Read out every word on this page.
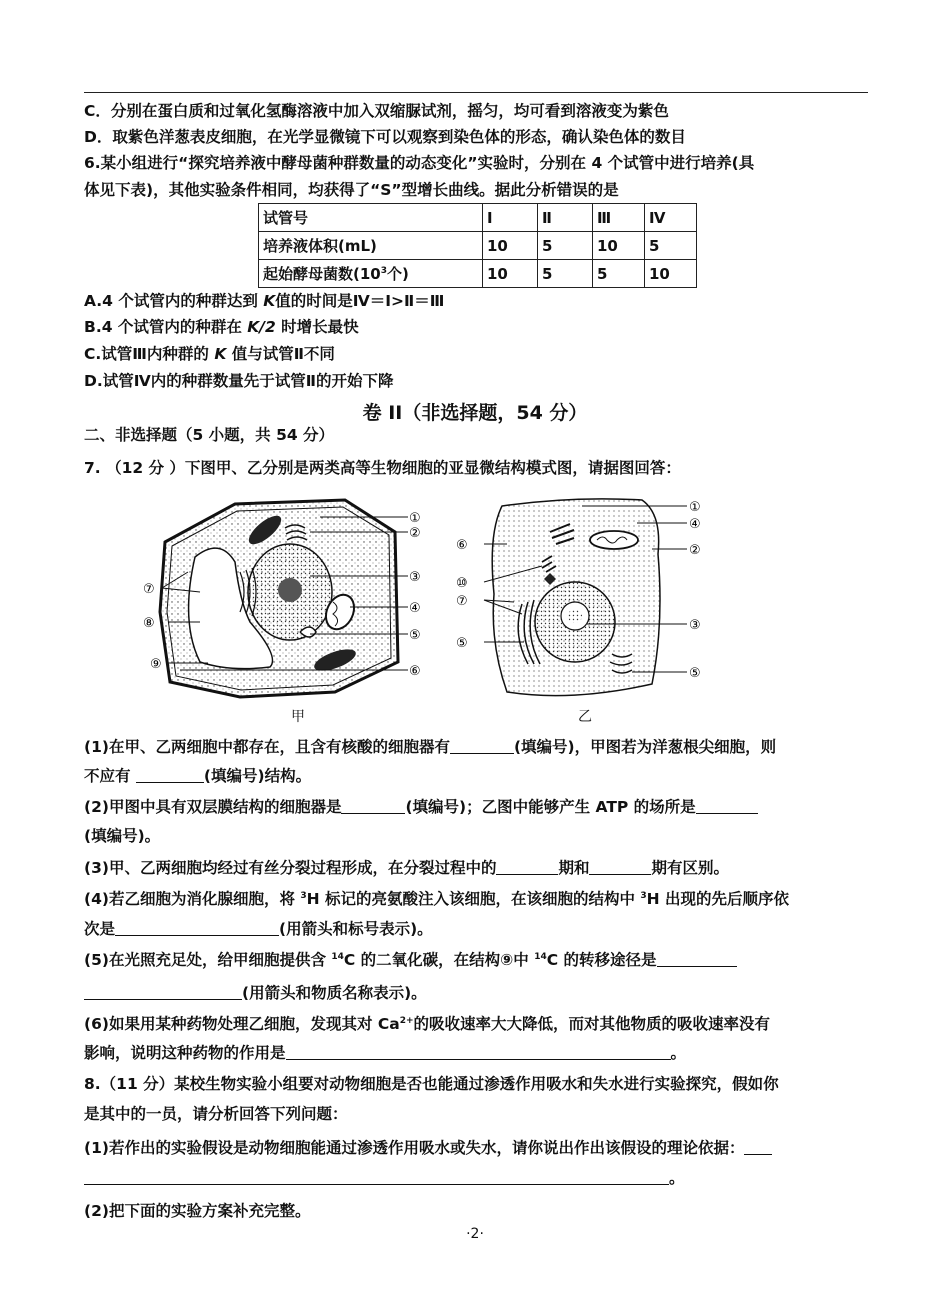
C．分别在蛋白质和过氧化氢酶溶液中加入双缩脲试剂，摇匀，均可看到溶液变为紫色
D．取紫色洋葱表皮细胞，在光学显微镜下可以观察到染色体的形态，确认染色体的数目
6.某小组进行“探究培养液中酵母菌种群数量的动态变化”实验时，分别在 4 个试管中进行培养(具
体见下表)，其他实验条件相同，均获得了“S”型增长曲线。据此分析错误的是
试管号	Ⅰ	Ⅱ	Ⅲ	Ⅳ
培养液体积(mL)	10	5	10	5
起始酵母菌数($10^3$个)	10	5	5	10
A.4 个试管内的种群达到 K值的时间是Ⅳ＝Ⅰ>Ⅱ＝Ⅲ
B.4 个试管内的种群在 K/2 时增长最快
C.试管Ⅲ内种群的 K 值与试管Ⅱ不同
D.试管Ⅳ内的种群数量先于试管Ⅱ的开始下降
卷 II（非选择题，54 分）
二、非选择题（5 小题，共 54 分）
7. （12 分 ）下图甲、乙分别是两类高等生物细胞的亚显微结构模式图，请据图回答：
①
②
③
④
⑤
⑥
⑦
⑧
⑨
甲
①
④
②
⑥
⑩
⑦
⑤
③
⑤
乙
(1)在甲、乙两细胞中都存在，且含有核酸的细胞器有	(填编号)，甲图若为洋葱根尖细胞，则
不应有	(填编号)结构。
(2)甲图中具有双层膜结构的细胞器是	(填编号)；乙图中能够产生 ATP 的场所是
(填编号)。
(3)甲、乙两细胞均经过有丝分裂过程形成，在分裂过程中的	期和	期有区别。
(4)若乙细胞为消化腺细胞，将 $^3$H 标记的亮氨酸注入该细胞，在该细胞的结构中 $^3$H 出现的先后顺序依
次是	(用箭头和标号表示)。
(5)在光照充足处，给甲细胞提供含 $^{14}$C 的二氧化碳，在结构⑨中 $^{14}$C 的转移途径是
(用箭头和物质名称表示)。
(6)如果用某种药物处理乙细胞，发现其对 $Ca^{2+}$的吸收速率大大降低，而对其他物质的吸收速率没有
影响，说明这种药物的作用是	。
8.（11 分）某校生物实验小组要对动物细胞是否也能通过渗透作用吸水和失水进行实验探究，假如你
是其中的一员，请分析回答下列问题：
(1)若作出的实验假设是动物细胞能通过渗透作用吸水或失水，请你说出作出该假设的理论依据：
。
(2)把下面的实验方案补充完整。
·2·
